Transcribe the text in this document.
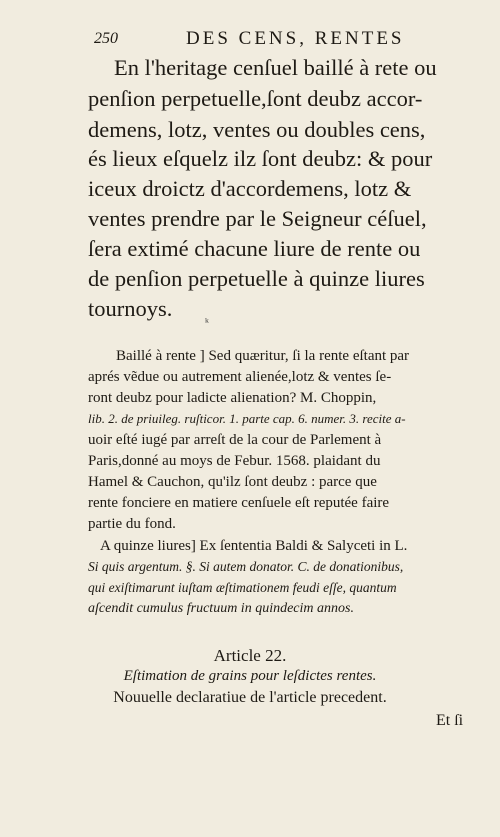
250	DES CENS, RENTES
En l'heritage cenſuel baillé à rete ou
penſion perpetuelle,ſont deubz accor-
demens, lotz, ventes ou doubles cens,
és lieux eſquelz ilz ſont deubz: & pour
iceux droictz d'accordemens, lotz &
ventes prendre par le Seigneur céſuel,
ſera extimé chacune liure de rente ou
de penſion perpetuelle à quinze liures
tournoys.
ᵏ
Baillé à rente ] Sed quæritur, ſi la rente eſtant par
aprés vẽdue ou autrement alienée,lotz & ventes ſe-
ront deubz pour ladicte alienation? M. Choppin,
lib. 2. de priuileg. ruſticor. 1. parte cap. 6. numer. 3. recite a-
uoir eſté iugé par arreſt de la cour de Parlement à
Paris,donné au moys de Febur. 1568. plaidant du
Hamel & Cauchon, qu'ilz ſont deubz : parce que
rente fonciere en matiere cenſuele eſt reputée faire
partie du fond.
A quinze liures] Ex ſententia Baldi & Salyceti in L.
Si quis argentum. §. Si autem donator. C. de donationibus,
qui exiſtimarunt iuſtam æſtimationem feudi eſſe, quantum
aſcendit cumulus fructuum in quindecim annos.
Article 22.
Eſtimation de grains pour leſdictes rentes.
Nouuelle declaratiue de l'article precedent.
Et ſi
